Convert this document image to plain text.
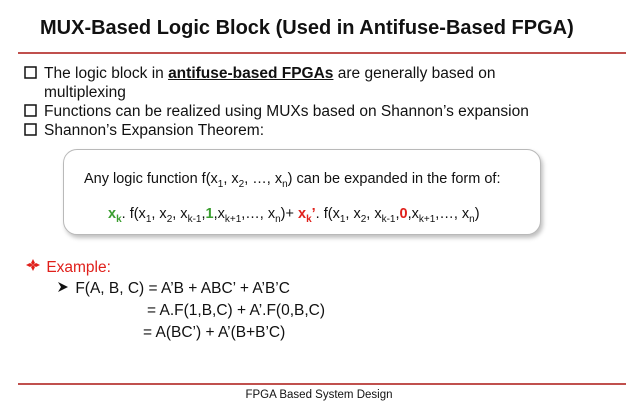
MUX-Based Logic Block (Used in Antifuse-Based FPGA)
The logic block in antifuse-based FPGAs are generally based on
multiplexing
Functions can be realized using MUXs based on Shannon’s expansion
Shannon’s Expansion Theorem:
Any logic function $f(x_1$, $x_2$, …, $x_n$) can be expanded in the form of:
$x_k$. $f(x_1$, $x_2$, $x_{k-1},1,x_{k+1},\dots$, $x_n)+ x_k$’. $f(x_1$, $x_2$, $x_{k-1},0,x_{k+1},\dots$, $x_n$)
Example:
F(A, B, C) = A’B + ABC’ + A’B’C
= A.F(1,B,C) + A’.F(0,B,C)
= A(BC’) + A’(B+B’C)
FPGA Based System Design
